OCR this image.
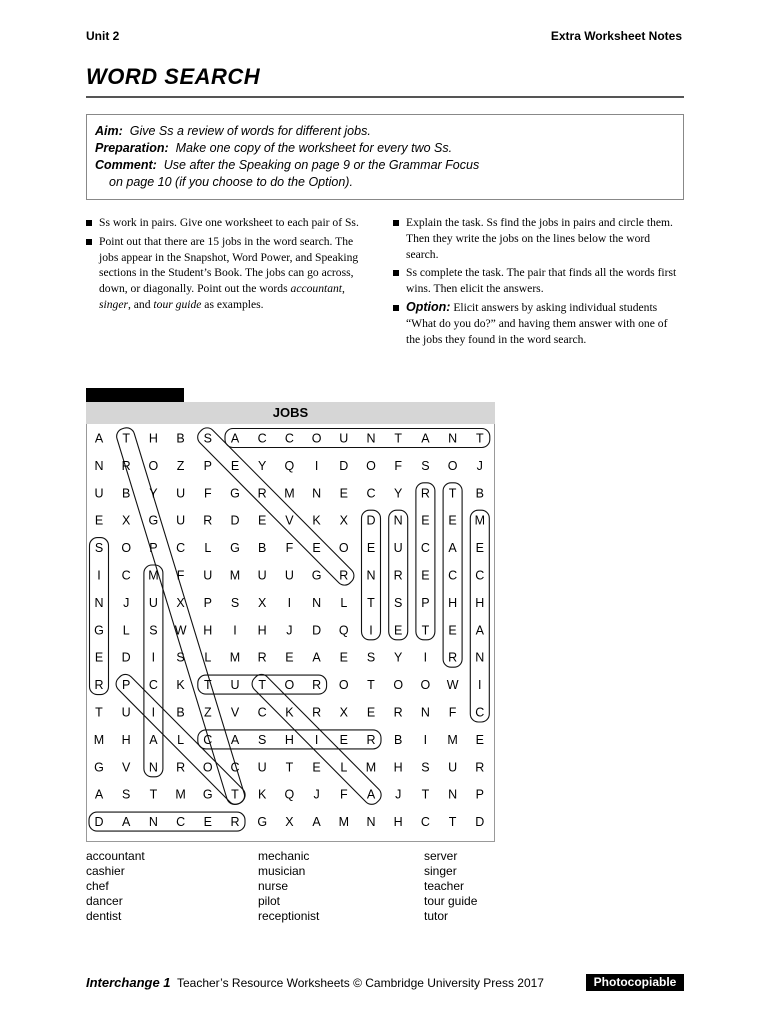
Unit 2	Extra Worksheet Notes
WORD SEARCH
Aim: Give Ss a review of words for different jobs.
Preparation: Make one copy of the worksheet for every two Ss.
Comment: Use after the Speaking on page 9 or the Grammar Focus
on page 10 (if you choose to do the Option).
Ss work in pairs. Give one worksheet to each pair of Ss.
Point out that there are 15 jobs in the word search. The jobs appear in the Snapshot, Word Power, and Speaking sections in the Student’s Book. The jobs can go across, down, or diagonally. Point out the words accountant, singer, and tour guide as examples.
Explain the task. Ss find the jobs in pairs and circle them. Then they write the jobs on the lines below the word search.
Ss complete the task. The pair that finds all the words first wins. Then elicit the answers.
Option: Elicit answers by asking individual students “What do you do?” and having them answer with one of the jobs they found in the word search.
JOBS
A T H B S A C C O U N T A N T
N R O Z P E Y Q I D O F S O J
U B Y U F G R M N E C Y R T B
E X G U R D E V K X D N E E M
S O P C L G B F E O E U C A E
I C M F U M U U G R N R E C C
N J U X P S X I N L T S P H H
G L S W H I H J D Q I E T E A
E D I S L M R E A E S Y I R N
R P C K T U T O R O T O O W I
T U I B Z V C K R X E R N F C
M H A L C A S H I E R B I M E
G V N R O C U T E L M H S U R
A S T M G T K Q J F A J T N P
D A N C E R G X A M N H C T D
accountant
cashier
chef
dancer
dentist
mechanic
musician
nurse
pilot
receptionist
server
singer
teacher
tour guide
tutor
Interchange 1 Teacher’s Resource Worksheets © Cambridge University Press 2017	Photocopiable
